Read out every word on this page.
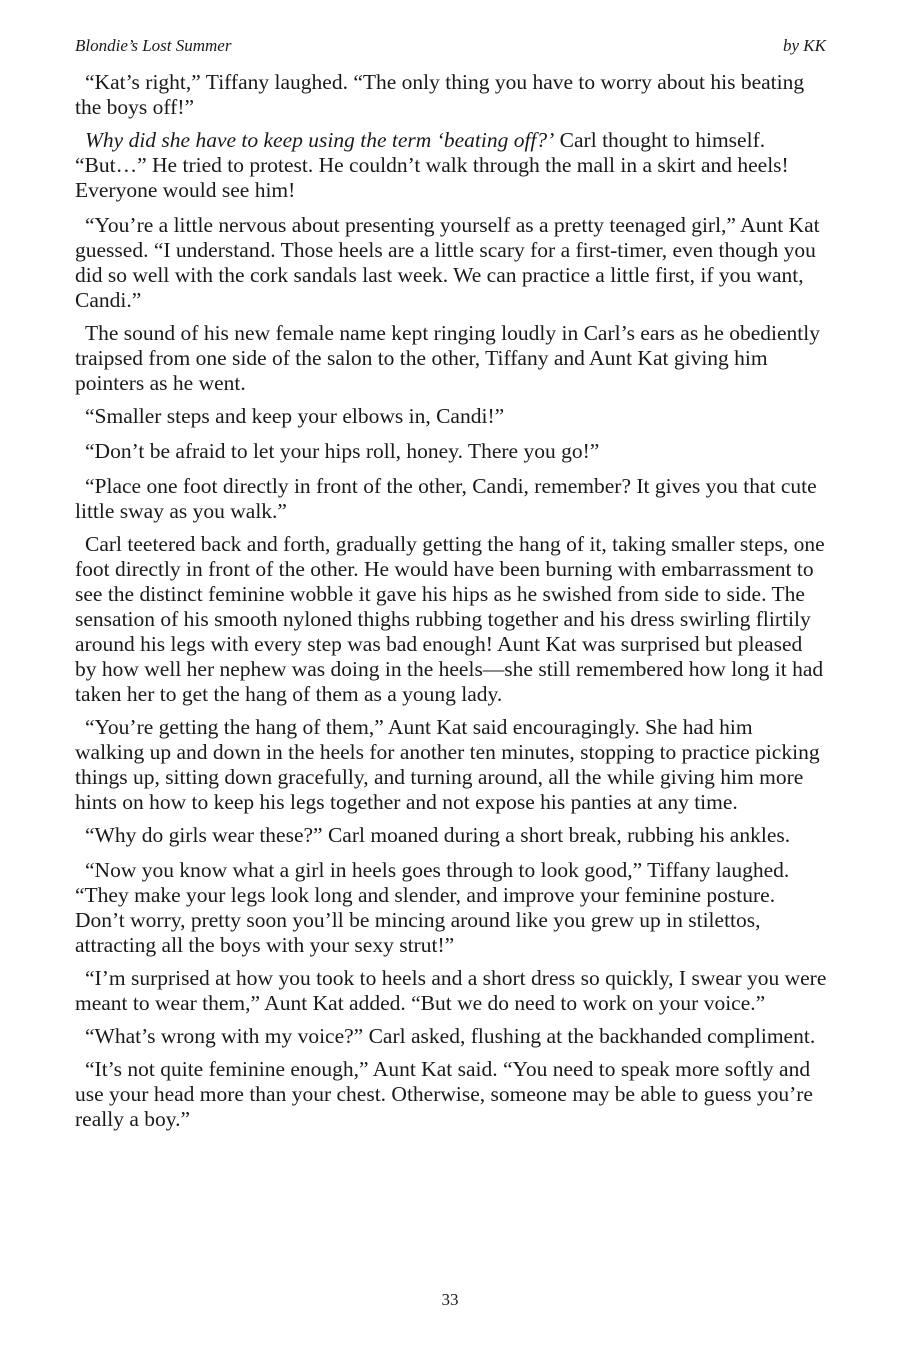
Blondie’s Lost Summer	by KK

“Kat’s right,” Tiffany laughed. “The only thing you have to worry about his beating the boys off!”

Why did she have to keep using the term ‘beating off?’ Carl thought to himself. “But…” He tried to protest. He couldn’t walk through the mall in a skirt and heels! Everyone would see him!

“You’re a little nervous about presenting yourself as a pretty teenaged girl,” Aunt Kat guessed. “I understand. Those heels are a little scary for a first-timer, even though you did so well with the cork sandals last week. We can practice a little first, if you want, Candi.”

The sound of his new female name kept ringing loudly in Carl’s ears as he obediently traipsed from one side of the salon to the other, Tiffany and Aunt Kat giving him pointers as he went.

“Smaller steps and keep your elbows in, Candi!”

“Don’t be afraid to let your hips roll, honey. There you go!”

“Place one foot directly in front of the other, Candi, remember? It gives you that cute little sway as you walk.”

Carl teetered back and forth, gradually getting the hang of it, taking smaller steps, one foot directly in front of the other. He would have been burning with embarrassment to see the distinct feminine wobble it gave his hips as he swished from side to side. The sensation of his smooth nyloned thighs rubbing together and his dress swirling flirtily around his legs with every step was bad enough! Aunt Kat was surprised but pleased by how well her nephew was doing in the heels—she still remembered how long it had taken her to get the hang of them as a young lady.

“You’re getting the hang of them,” Aunt Kat said encouragingly. She had him walking up and down in the heels for another ten minutes, stopping to practice picking things up, sitting down gracefully, and turning around, all the while giving him more hints on how to keep his legs together and not expose his panties at any time.

“Why do girls wear these?” Carl moaned during a short break, rubbing his ankles.

“Now you know what a girl in heels goes through to look good,” Tiffany laughed. “They make your legs look long and slender, and improve your feminine posture. Don’t worry, pretty soon you’ll be mincing around like you grew up in stilettos, attracting all the boys with your sexy strut!”

“I’m surprised at how you took to heels and a short dress so quickly, I swear you were meant to wear them,” Aunt Kat added. “But we do need to work on your voice.”

“What’s wrong with my voice?” Carl asked, flushing at the backhanded compliment.

“It’s not quite feminine enough,” Aunt Kat said. “You need to speak more softly and use your head more than your chest. Otherwise, someone may be able to guess you’re really a boy.”

33
